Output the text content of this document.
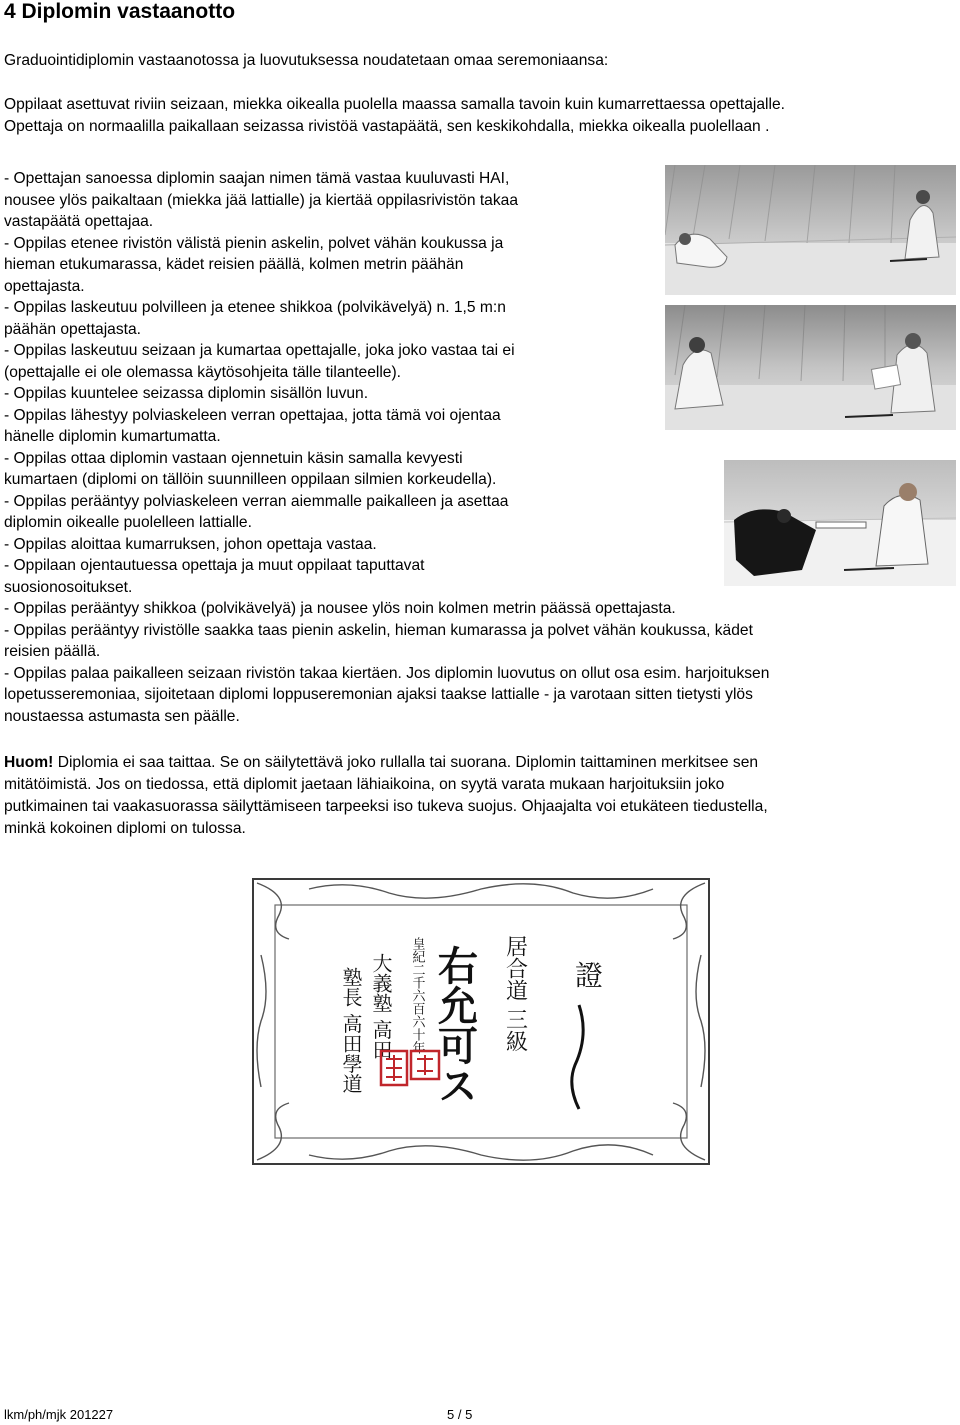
4 Diplomin vastaanotto

Graduointidiplomin vastaanotossa ja luovutuksessa noudatetaan omaa seremoniaansa:

Oppilaat asettuvat riviin seizaan, miekka oikealla puolella maassa samalla tavoin kuin kumarrettaessa opettajalle.

Opettaja on normaalilla paikallaan seizassa rivistöä vastapäätä, sen keskikohdalla, miekka oikealla puolellaan .

- Opettajan sanoessa diplomin saajan nimen tämä vastaa kuuluvasti HAI,
nousee ylös paikaltaan (miekka jää lattialle) ja kiertää oppilasrivistön takaa
vastapäätä opettajaa.
- Oppilas etenee rivistön välistä pienin askelin, polvet vähän koukussa ja
hieman etukumarassa, kädet reisien päällä, kolmen metrin päähän
opettajasta.
- Oppilas laskeutuu polvilleen ja etenee shikkoa (polvikävelyä) n. 1,5 m:n
päähän opettajasta.
- Oppilas laskeutuu seizaan ja kumartaa opettajalle, joka joko vastaa tai ei
(opettajalle ei ole olemassa käytösohjeita tälle tilanteelle).
- Oppilas kuuntelee seizassa diplomin sisällön luvun.
- Oppilas lähestyy polviaskeleen verran opettajaa, jotta tämä voi ojentaa
hänelle diplomin kumartumatta.
- Oppilas ottaa diplomin vastaan ojennetuin käsin samalla kevyesti
kumartaen (diplomi on tällöin suunnilleen oppilaan silmien korkeudella).
- Oppilas perääntyy polviaskeleen verran aiemmalle paikalleen ja asettaa
diplomin oikealle puolelleen lattialle.
- Oppilas aloittaa kumarruksen, johon opettaja vastaa.
- Oppilaan ojentautuessa opettaja ja muut oppilaat taputtavat
suosionosoitukset.
- Oppilas perääntyy shikkoa (polvikävelyä) ja nousee ylös noin kolmen metrin päässä opettajasta.
- Oppilas perääntyy rivistölle saakka taas pienin askelin, hieman kumarassa ja polvet vähän koukussa, kädet
reisien päällä.
- Oppilas palaa paikalleen seizaan rivistön takaa kiertäen. Jos diplomin luovutus on ollut osa esim. harjoituksen
lopetusseremoniaa, sijoitetaan diplomi loppuseremonian ajaksi taakse lattialle - ja varotaan sitten tietysti ylös
noustaessa astumasta sen päälle.

Huom! Diplomia ei saa taittaa. Se on säilytettävä joko rullalla tai suorana. Diplomin taittaminen merkitsee sen

mitätöimistä. Jos on tiedossa, että diplomit jaetaan lähiaikoina, on syytä varata mukaan harjoituksiin joko

putkimainen tai vaakasuorassa säilyttämiseen tarpeeksi iso tukeva suojus. Ohjaajalta voi etukäteen tiedustella,

minkä kokoinen diplomi on tulossa.

證
居合道 三級
右允可ス
皇紀二千六百六十年
大義塾 高田
塾長 高田學道
lkm/ph/mjk 201227	5 / 5
